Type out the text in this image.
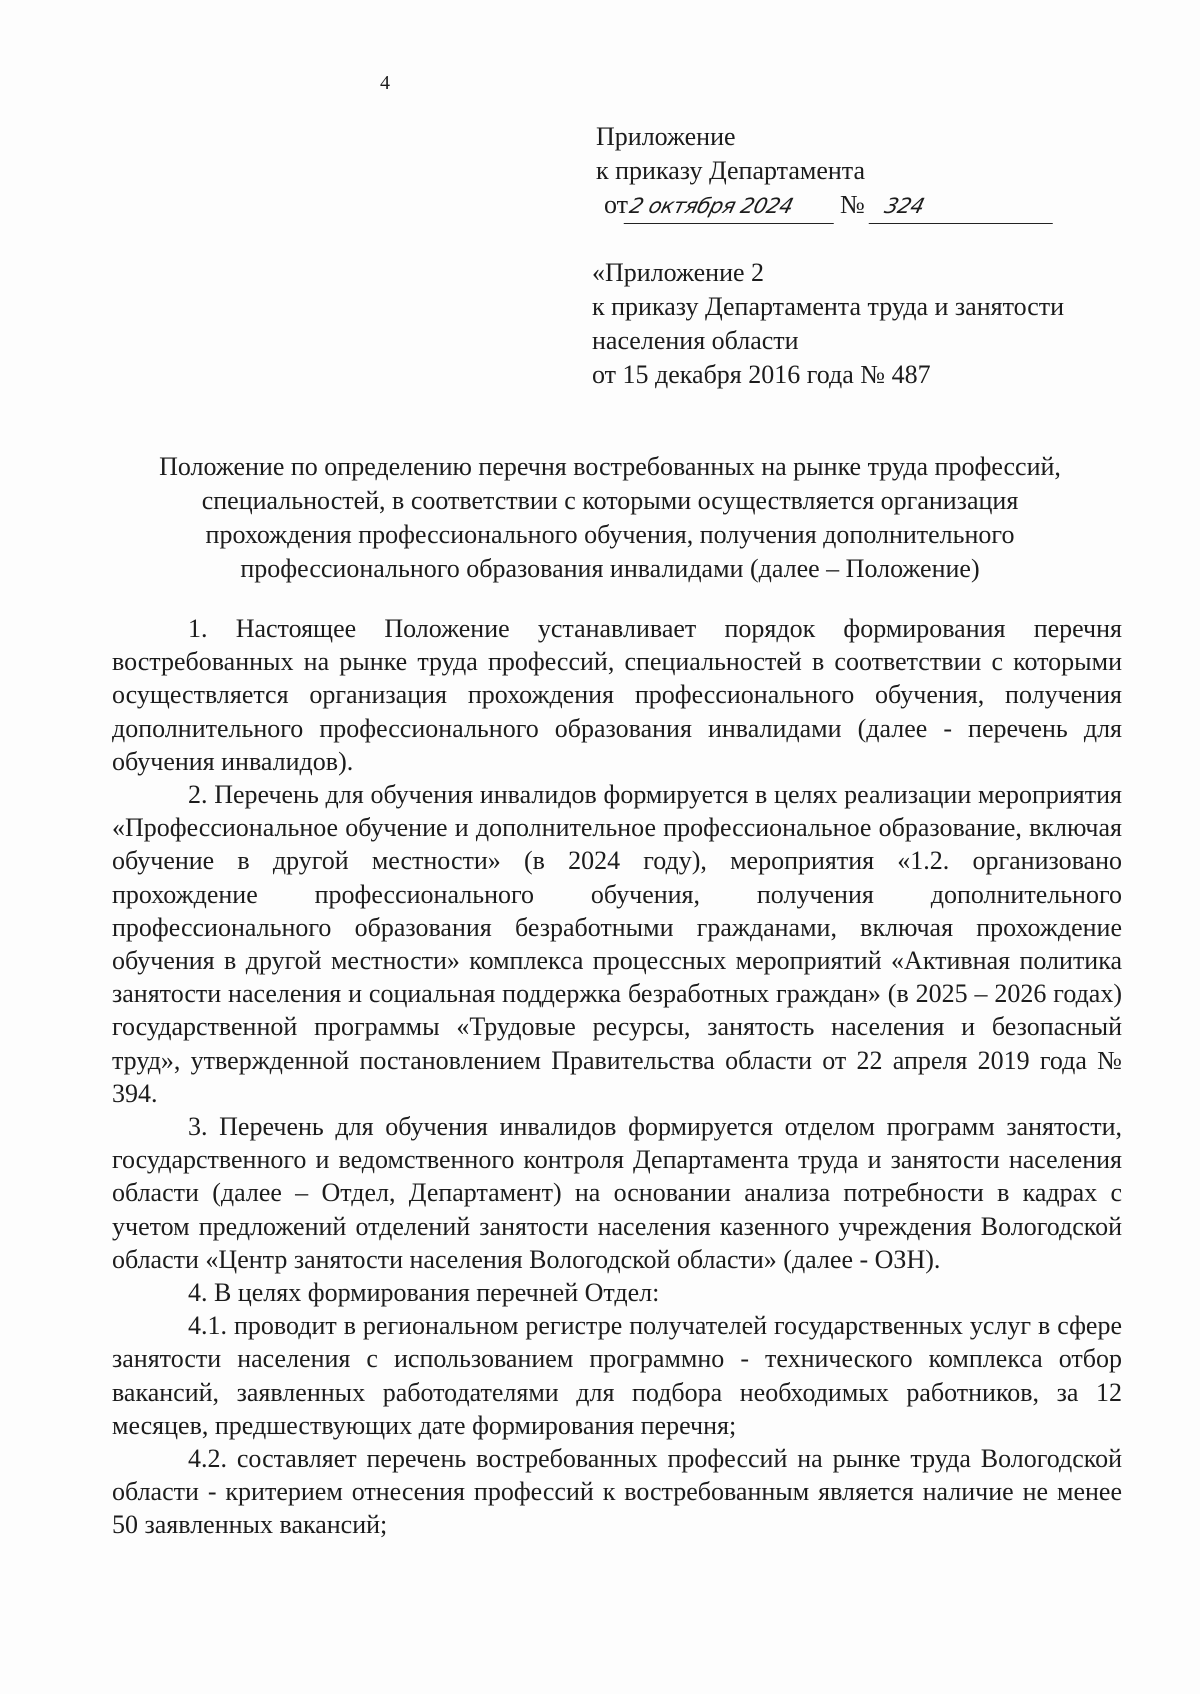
4
Приложение
к приказу Департамента
от 2 октября 2024	№ 324
«Приложение 2
к приказу Департамента труда и занятости
населения области
от 15 декабря 2016 года № 487
Положение по определению перечня востребованных на рынке труда профессий,
специальностей, в соответствии с которыми осуществляется организация
прохождения профессионального обучения, получения дополнительного
профессионального образования инвалидами (далее – Положение)

1. Настоящее Положение устанавливает порядок формирования перечня востребованных на рынке труда профессий, специальностей в соответствии с которыми осуществляется организация прохождения профессионального обучения, получения дополнительного профессионального образования инвалидами (далее - перечень для обучения инвалидов).

2. Перечень для обучения инвалидов формируется в целях реализации мероприятия «Профессиональное обучение и дополнительное профессиональное образование, включая обучение в другой местности» (в 2024 году), мероприятия «1.2. организовано прохождение профессионального обучения, получения дополнительного профессионального образования безработными гражданами, включая прохождение обучения в другой местности» комплекса процессных мероприятий «Активная политика занятости населения и социальная поддержка безработных граждан» (в 2025 – 2026 годах) государственной программы «Трудовые ресурсы, занятость населения и безопасный труд», утвержденной постановлением Правительства области от 22 апреля 2019 года № 394.

3. Перечень для обучения инвалидов формируется отделом программ занятости, государственного и ведомственного контроля Департамента труда и занятости населения области (далее – Отдел, Департамент) на основании анализа потребности в кадрах с учетом предложений отделений занятости населения казенного учреждения Вологодской области «Центр занятости населения Вологодской области» (далее - ОЗН).

4. В целях формирования перечней Отдел:

4.1. проводит в региональном регистре получателей государственных услуг в сфере занятости населения с использованием программно - технического комплекса отбор вакансий, заявленных работодателями для подбора необходимых работников, за 12 месяцев, предшествующих дате формирования перечня;

4.2. составляет перечень востребованных профессий на рынке труда Вологодской области - критерием отнесения профессий к востребованным является наличие не менее 50 заявленных вакансий;
